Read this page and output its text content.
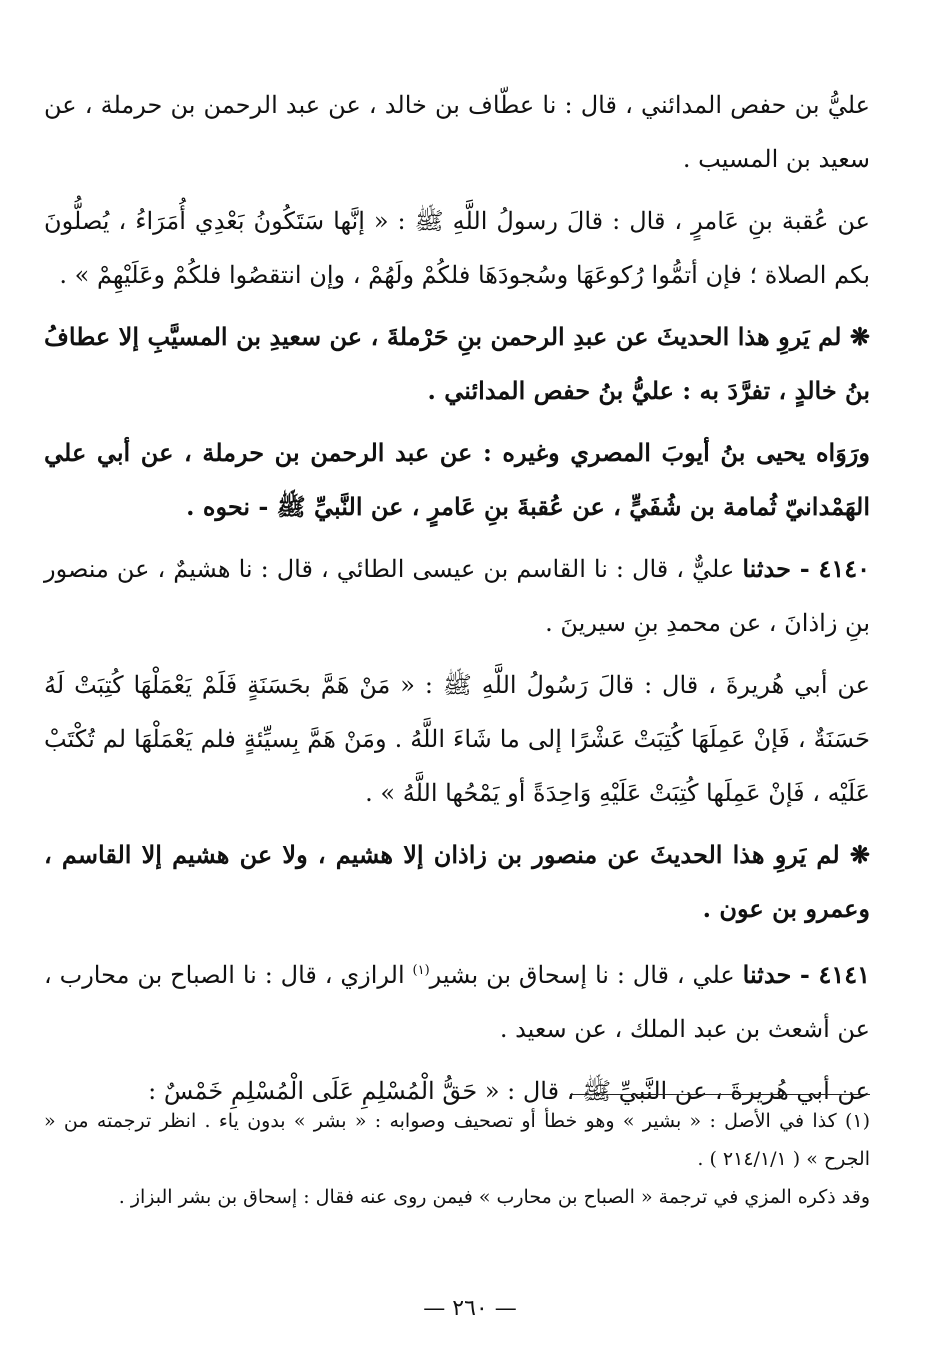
عليُّ بن حفص المدائني ، قال : نا عطّاف بن خالد ، عن عبد الرحمن بن حرملة ، عن سعيد بن المسيب .

عن عُقبة بنِ عَامرٍ ، قال : قالَ رسولُ اللَّهِ ﷺ : « إنَّها سَتَكُونُ بَعْدِي أُمَرَاءُ ، يُصلُّونَ بكم الصلاة ؛ فإن أتمُّوا رُكوعَهَا وسُجودَهَا فلكُمْ ولَهُمْ ، وإن انتقصُوا فلكُمْ وعَلَيْهِمْ » .

❋ لم يَروِ هذا الحديثَ عن عبدِ الرحمن بنِ حَرْملةَ ، عن سعيدِ بن المسيَّبِ إلا عطافُ بنُ خالدٍ ، تفرَّدَ به : عليُّ بنُ حفص المدائني .

ورَوَاه يحيى بنُ أيوبَ المصري وغيره : عن عبد الرحمن بن حرملة ، عن أبي علي الهَمْدانيّ ثُمامة بن شُفَيٍّ ، عن عُقبةَ بنِ عَامرٍ ، عن النَّبيِّ ﷺ - نحوه .

٤١٤٠ - حدثنا عليٌّ ، قال : نا القاسم بن عيسى الطائي ، قال : نا هشيمٌ ، عن منصور بنِ زاذانَ ، عن محمدِ بنِ سيرينَ .

عن أبي هُريرةَ ، قال : قالَ رَسُولُ اللَّهِ ﷺ : « مَنْ هَمَّ بحَسَنَةٍ فَلَمْ يَعْمَلْهَا كُتِبَتْ لَهُ حَسَنَةٌ ، فَإنْ عَمِلَهَا كُتِبَتْ عَشْرًا إلى ما شَاءَ اللَّهُ . ومَنْ هَمَّ بِسيِّئةٍ فلم يَعْمَلْهَا لم تُكْتَبْ عَلَيْه ، فَإنْ عَمِلَها كُتِبَتْ عَلَيْهِ وَاحِدَةً أو يَمْحُها اللَّهُ » .

❋ لم يَروِ هذا الحديثَ عن منصور بن زاذان إلا هشيم ، ولا عن هشيم إلا القاسم ، وعمرو بن عون .

٤١٤١ - حدثنا علي ، قال : نا إسحاق بن بشير$^{(١)}$ الرازي ، قال : نا الصباح بن محارب ، عن أشعث بن عبد الملك ، عن سعيد .

عن أبي هُريرةَ ، عن النَّبيِّ ﷺ ، قال : « حَقُّ الْمُسْلِمِ عَلَى الْمُسْلِمِ خَمْسٌ :

(١) كذا في الأصل : « بشير » وهو خطأ أو تصحيف وصوابه : « بشر » بدون ياء . انظر ترجمته من « الجرح » ( ٢١٤/١/١ ) .

وقد ذكره المزي في ترجمة « الصباح بن محارب » فيمن روى عنه فقال : إسحاق بن بشر البزاز .

— ٢٦٠ —
